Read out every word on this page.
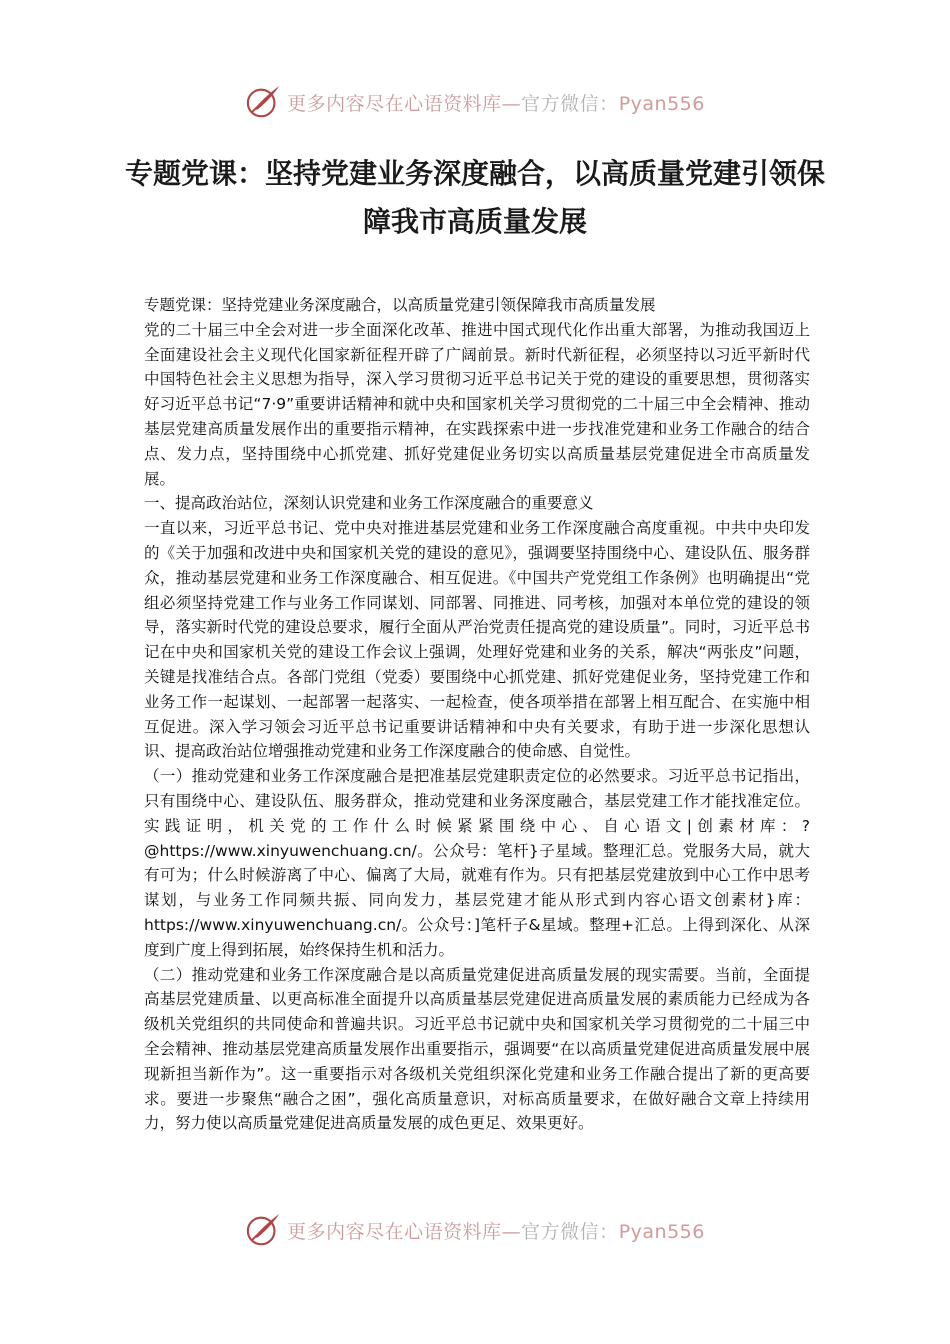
更多内容尽在心语资料库—官方微信：Pyan556
专题党课：坚持党建业务深度融合，以高质量党建引领保障我市高质量发展

专题党课：坚持党建业务深度融合，以高质量党建引领保障我市高质量发展

党的二十届三中全会对进一步全面深化改革、推进中国式现代化作出重大部署，为推动我国迈上全面建设社会主义现代化国家新征程开辟了广阔前景。新时代新征程，必须坚持以习近平新时代中国特色社会主义思想为指导，深入学习贯彻习近平总书记关于党的建设的重要思想，贯彻落实好习近平总书记“7·9”重要讲话精神和就中央和国家机关学习贯彻党的二十届三中全会精神、推动基层党建高质量发展作出的重要指示精神，在实践探索中进一步找准党建和业务工作融合的结合点、发力点，坚持围绕中心抓党建、抓好党建促业务切实以高质量基层党建促进全市高质量发展。

一、提高政治站位，深刻认识党建和业务工作深度融合的重要意义

一直以来，习近平总书记、党中央对推进基层党建和业务工作深度融合高度重视。中共中央印发的《关于加强和改进中央和国家机关党的建设的意见》，强调要坚持围绕中心、建设队伍、服务群众，推动基层党建和业务工作深度融合、相互促进。《中国共产党党组工作条例》也明确提出“党组必须坚持党建工作与业务工作同谋划、同部署、同推进、同考核，加强对本单位党的建设的领导，落实新时代党的建设总要求，履行全面从严治党责任提高党的建设质量”。同时，习近平总书记在中央和国家机关党的建设工作会议上强调，处理好党建和业务的关系，解决“两张皮”问题，关键是找准结合点。各部门党组（党委）要围绕中心抓党建、抓好党建促业务，坚持党建工作和业务工作一起谋划、一起部署一起落实、一起检查，使各项举措在部署上相互配合、在实施中相互促进。深入学习领会习近平总书记重要讲话精神和中央有关要求，有助于进一步深化思想认识、提高政治站位增强推动党建和业务工作深度融合的使命感、自觉性。

（一）推动党建和业务工作深度融合是把准基层党建职责定位的必然要求。习近平总书记指出，只有围绕中心、建设队伍、服务群众，推动党建和业务深度融合，基层党建工作才能找准定位。实践证明，机关党的工作什么时候紧紧围绕中心、自心语文|创素材库：?@https://www.xinyuwenchuang.cn/。公众号：笔杆}子星域。整理汇总。党服务大局，就大有可为；什么时候游离了中心、偏离了大局，就难有作为。只有把基层党建放到中心工作中思考谋划，与业务工作同频共振、同向发力，基层党建才能从形式到内容心语文创素材}库：https://www.xinyuwenchuang.cn/。公众号：]笔杆子&星域。整理+汇总。上得到深化、从深度到广度上得到拓展，始终保持生机和活力。

（二）推动党建和业务工作深度融合是以高质量党建促进高质量发展的现实需要。当前，全面提高基层党建质量、以更高标准全面提升以高质量基层党建促进高质量发展的素质能力已经成为各级机关党组织的共同使命和普遍共识。习近平总书记就中央和国家机关学习贯彻党的二十届三中全会精神、推动基层党建高质量发展作出重要指示，强调要“在以高质量党建促进高质量发展中展现新担当新作为”。这一重要指示对各级机关党组织深化党建和业务工作融合提出了新的更高要求。要进一步聚焦“融合之困”，强化高质量意识，对标高质量要求，在做好融合文章上持续用力，努力使以高质量党建促进高质量发展的成色更足、效果更好。

更多内容尽在心语资料库—官方微信：Pyan556
